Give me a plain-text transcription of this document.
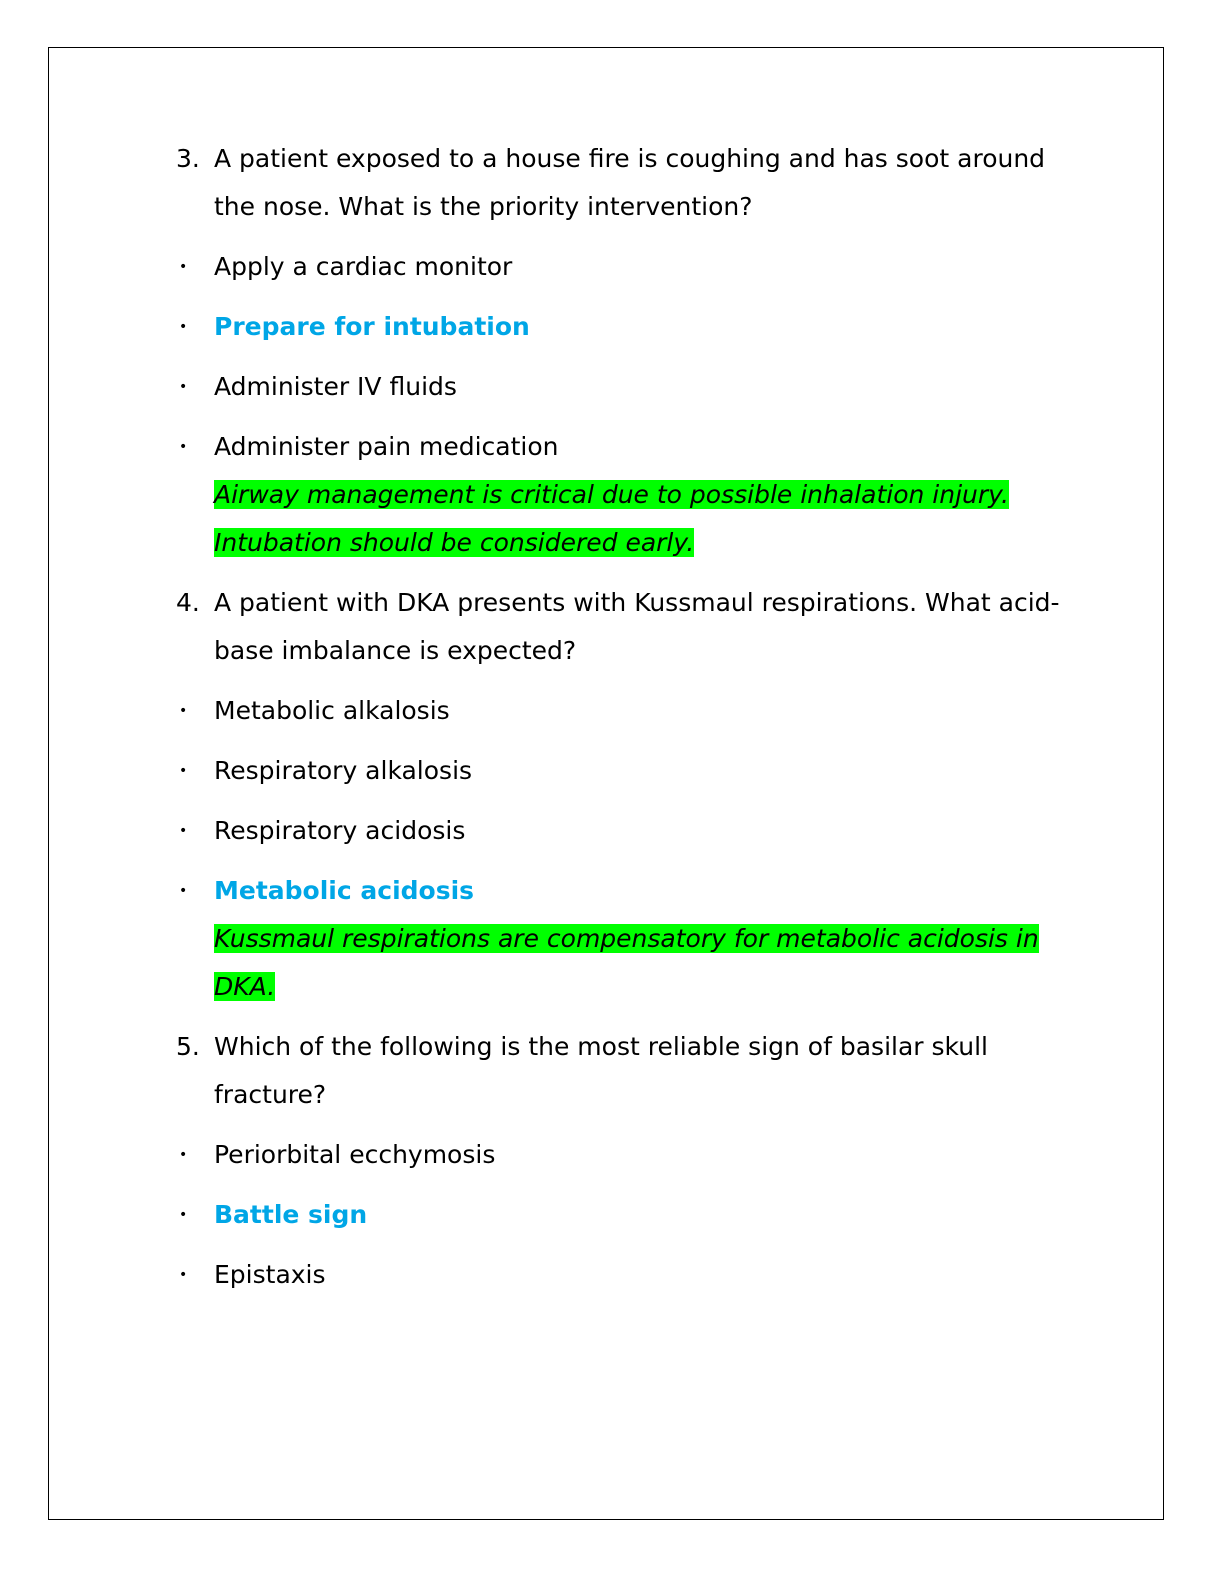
3. A patient exposed to a house fire is coughing and has soot around the nose. What is the priority intervention?
• Apply a cardiac monitor
• Prepare for intubation
• Administer IV fluids
• Administer pain medication
Airway management is critical due to possible inhalation injury. Intubation should be considered early.
4. A patient with DKA presents with Kussmaul respirations. What acid-base imbalance is expected?
• Metabolic alkalosis
• Respiratory alkalosis
• Respiratory acidosis
• Metabolic acidosis
Kussmaul respirations are compensatory for metabolic acidosis in DKA.
5. Which of the following is the most reliable sign of basilar skull fracture?
• Periorbital ecchymosis
• Battle sign
• Epistaxis
